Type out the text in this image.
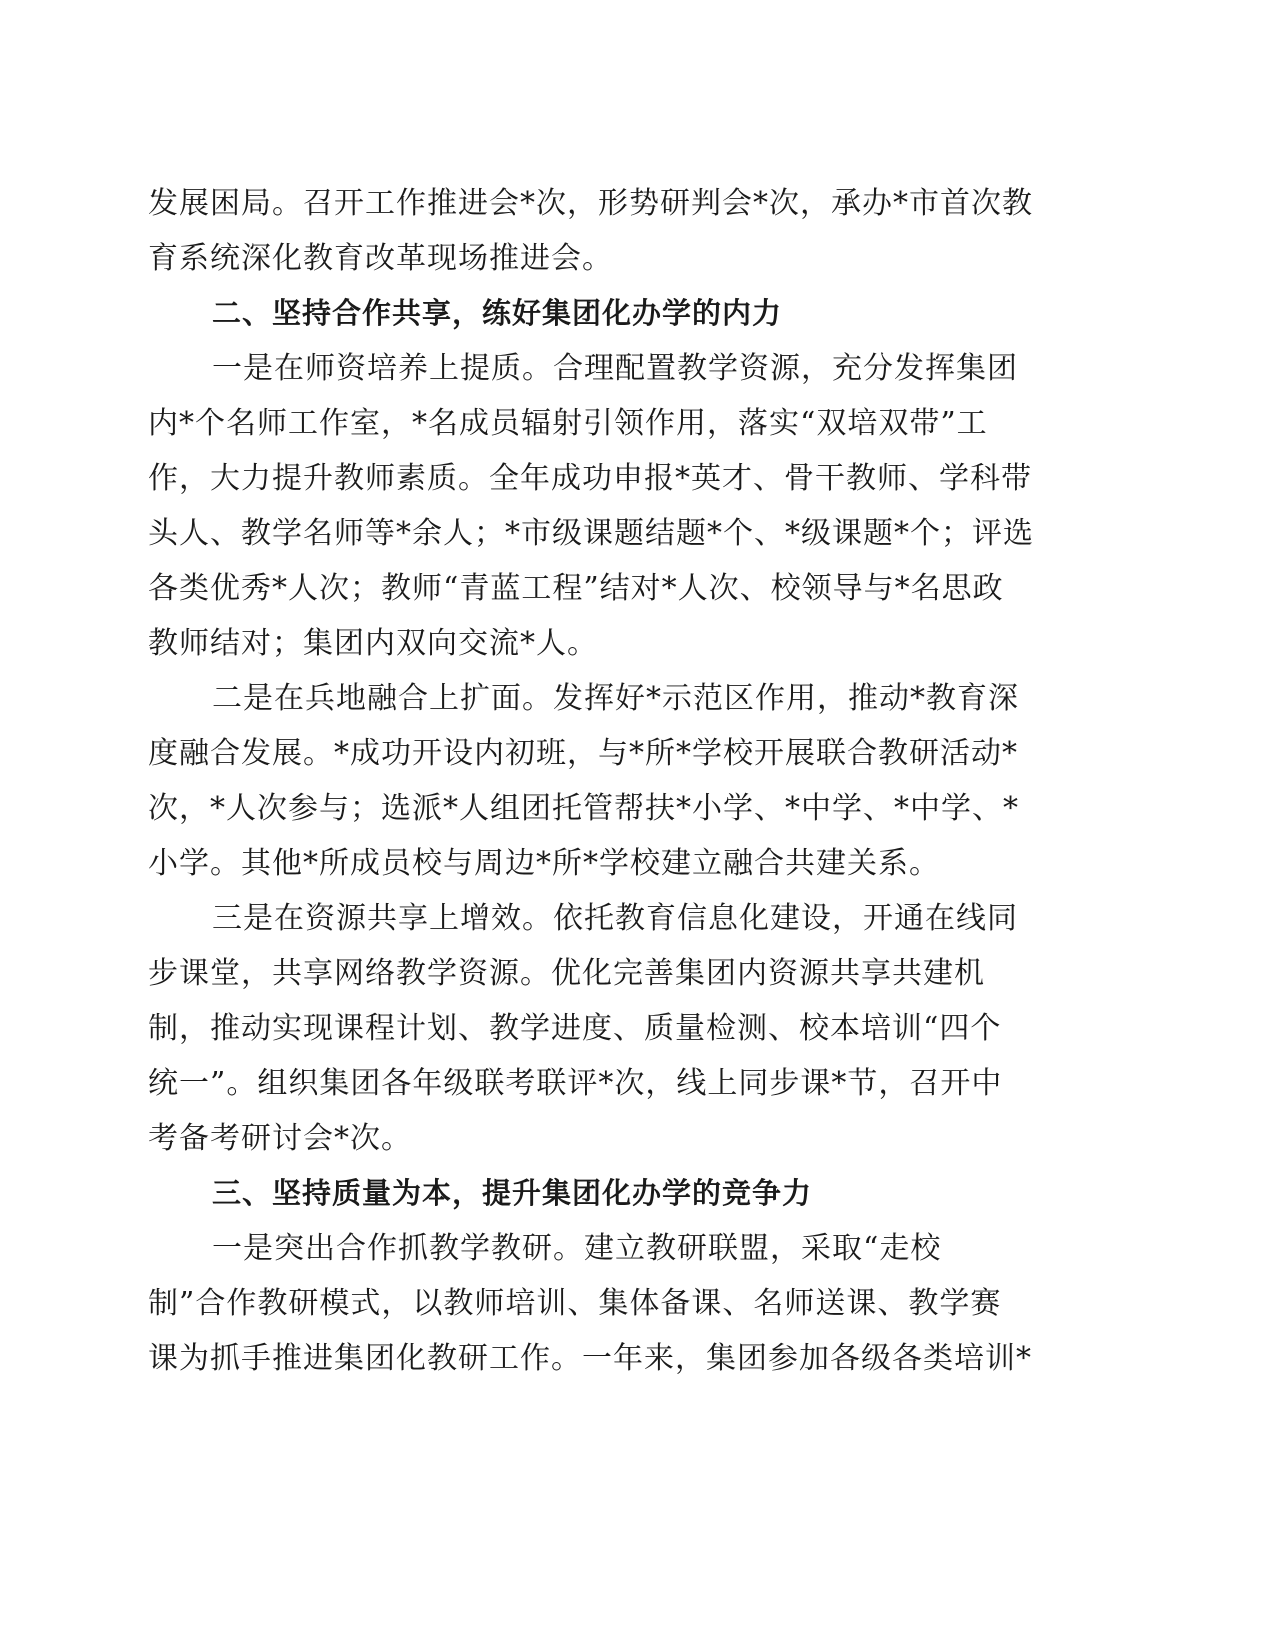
发展困局。召开工作推进会*次，形势研判会*次，承办*市首次教
育系统深化教育改革现场推进会。

二、坚持合作共享，练好集团化办学的内力

一是在师资培养上提质。合理配置教学资源，充分发挥集团
内*个名师工作室，*名成员辐射引领作用，落实“双培双带”工
作，大力提升教师素质。全年成功申报*英才、骨干教师、学科带
头人、教学名师等*余人；*市级课题结题*个、*级课题*个；评选
各类优秀*人次；教师“青蓝工程”结对*人次、校领导与*名思政
教师结对；集团内双向交流*人。

二是在兵地融合上扩面。发挥好*示范区作用，推动*教育深
度融合发展。*成功开设内初班，与*所*学校开展联合教研活动*
次，*人次参与；选派*人组团托管帮扶*小学、*中学、*中学、*
小学。其他*所成员校与周边*所*学校建立融合共建关系。

三是在资源共享上增效。依托教育信息化建设，开通在线同
步课堂，共享网络教学资源。优化完善集团内资源共享共建机
制，推动实现课程计划、教学进度、质量检测、校本培训“四个
统一”。组织集团各年级联考联评*次，线上同步课*节，召开中
考备考研讨会*次。

三、坚持质量为本，提升集团化办学的竞争力

一是突出合作抓教学教研。建立教研联盟，采取“走校
制”合作教研模式，以教师培训、集体备课、名师送课、教学赛
课为抓手推进集团化教研工作。一年来，集团参加各级各类培训*
